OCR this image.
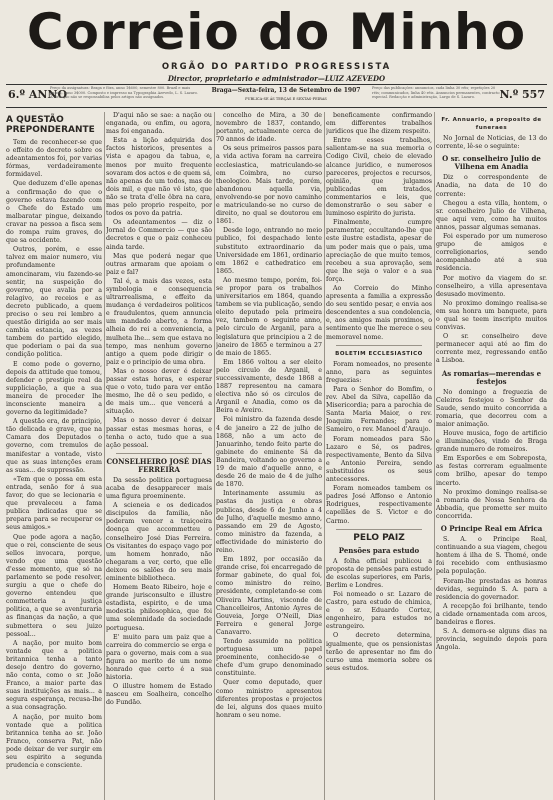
Correio do Minho
ORGÃO DO PARTIDO PROGRESSISTA
Director, proprietario e administrador—LUIZ AZEVEDO
6.º ANNO
Preço da assignatura: Braga e fóra, anno 1$600, semestre 800. Brazil e mais paizes, anno 3$000. Composto e impresso na Typographia Azevedo, L. S. Lazaro. A direcção não se responsabilisa pelos artigos não assignados.
Braga—Sexta-feira, 13 de Setembro de 1907
PUBLICA-SE ÁS TERÇAS E SEXTAS-FEIRAS
Preço das publicações: annuncios, cada linha 30 réis; repetições 20 réis; communicados, linha 40 réis. Annuncios permanentes, contracto especial. Redacção e administração, Largo de S. Lazaro.	N.º 557
A QUESTÃO PREPONDERANTE

Tem de reconhecer-se que o effeito do decreto sobre os adeantamentos foi, por varias fórmas, verdadeiramente formidavel.

Que deduzem d'elle apenas a confirmação do que o governo estava fazendo com o Chefe do Estado um malbaratar pingue, deixando cravar na pessoa a fisca sem do rompa ruim graves, do que sa occidente.

Outros, porém, e esse talvez em maior numero, viu profundamente amoncinaram, viu fazendo-se sentir, na suspeição do governo, que avalia por a relagivo, ao receios e as decreto publicado, a quem preciso o seu rei lembro a questão dirigida ao ser mais cambia estancia, as vezes tambem do partido elegido, que poderiam o pai da sua condição politica.

E como pode o governo, depois da attitude que tomou, defender o prestigio real da suppliciação, a que a sua maneira de proceder lhe inconsciente maneira a governo da legitimidade?

A questão era, de principio, tão delicada e grave, que na Camara dos Deputados o governo, com tremulos de manifestar a vontade, visto que as suas intenções eram as suas... de suppressão.

«Tem que o possa em esta entrada, senão for á sua favor, do que se lecionaria e que prevaleceu a fama publica indicadas que se prepara para se recuperar os seus amigos.»

Que pode agora a nação, que o rei, consciente de seus sellos invocara, porque, vendo que uma questão d'esse momento, que só na parlamento se pode resolver, surgiu a que o chefe do governo entendeu que commetteria a justiça politica, a que se aventuraria as finanças da nação, a que submettera o seu juizo pessoal...

A nação, por muito bom vontade que a politica britannica tenha a tanto desejo dentro do governo, não conta, como o sr. João Franco, a maior parte das suas instituições as mais... a segura esperança, recusa-lhe a sua consagração.

A nação, por muito bom vontade que a politica britannica tenha ao sr. João Franco, conserva Pat, não pode deixar de ver surgir em seu espirito a segunda prudencia e consciente.

D'aqui não se sae: a nação ou enganada, ou enfim, ou agora, mas foi enganada.

Esta a lição adquirida dos factos historicos, presentes a vista e apagou da tabua, e, menos por muito frequente sovaram dos actos e de quem sá, não apenas de um todos, mas de dois mil, e que não vê isto, que não se trata d'elle ôbra na cara, mas pelo proprio respeito, por todos os povo da patria.

Os adeantamentos — diz o Jornal do Commercio — que são decretos e que o paiz conheceu ainda tarde.

Mas que poderá negar que outras armaram que apoiam o paiz e fal?

Tal é, a mais das vezes, esta symbologia e consequencia ultrarrealisma, e effeito da mudança é verdadeiros politicos e fraudulentos, quem annuncia um mandado aberto, a forma alheia do rei a conveniencia, a mulheta lhe... sem que estava no tempo, mas nenhum governo antigo a quem pode dirigir o paiz e o principio de uma obra.

Mas o nosso dever é deixar passar estas horas, e esperar que o voto, tudo para ver então mesmo, lhe dê o seu pedido, e de mais um... que vencerá a situação.

Mas o nosso dever é deixar passar estas mesmas horas, e tenha o acto, tudo que a sua ação pessoal.

CONSELHEIRO JOSÉ DIAS FERREIRA

Da sessão politica portuguesa acaba de desapparecer mais uma figura proeminente.

A scieneia e os dedicados discipulos da familia, não poderam vencer a traiçoeira doença que accommetteu o conselheiro José Dias Ferreira. Os visitantes do espaço vago por um homem honrado, não chegaram a ver, certo, que elle deixou os salões do seu mais eminente bibliotheca.

Homem Beato Ribeiro, hoje e grande jurisconsulto e illustre estadista, espirito, e de uma modestia philosophica, que foi uma solemnidade da sociedade portuguesa.

E' muito para um paiz que a carreira do commercio se erga e para o governo, mais com a sua figura ao merito de um nome honrado que certo é a sua historia.

O illustre homem de Estado nasceu em Soalheira, concelho do Fundão.

concelho de Mira, a 30 de novembro de 1837, contando, portanto, actualmente cerca de 70 annos de idade.

Os seus primeiros passos para a vida activa foram na carreira ecclesiastica, matriculando-se em Coimbra, no curso theologico. Mais tarde, porém, abandonou aquella via, envolvendo-se por novo caminho e matriculando-se no curso de direito, no qual se doutorou em 1861.

Desde logo, entrando no meio publico, foi despachado lente substituto extraordinario da Universidade em 1861, ordinario em 1862 e cathedratico em 1865.

Ao mesmo tempo, porém, foi-se propor para os trabalhos universitarios em 1864, quando tambem se via publicação, sendo eleito deputado pela primeira vez, tambem o seguinte anno, pelo circulo de Arganil, para a legislatura que principiou a 2 de janeiro de 1865 e terminou a 27 de maio de 1865.

Em 1866 voltou a ser eleito pelo circulo de Arganil, e successivamente, desde 1868 a 1887 representou na camara electiva não só os circulos de Arganil e Anadia, como os da Beira e Aveiro.

Foi ministro da fazenda desde 4 de janeiro a 22 de julho de 1868, não a um acto de Januarinho, tendo feito parte do gabinete do eminente Sá da Bandeira, voltando ao governo a 19 de maio d'aquelle anno, e desde 26 de maio de 4 de julho de 1870.

Interinamente assumiu as pastas da justiça e obras publicas, desde 6 de Junho a 4 de Julho, d'aquelle mesmo anno, passando em 29 de Agosto, como ministro da fazenda, a effectividade do ministerio do reino.

Em 1892, por occasião da grande crise, foi encarregado de formar gabinete, do qual foi, como ministro do reino, presidente, completando-se com Oliveira Martins, visconde de Chancelleiros, Antonio Ayres de Gouveia, Jorge O'Neill, Dias Ferreira e general Jorge Canavarro.

Tendo assumido na politica portuguesa um papel proeminente, conhecido-se o chefe d'um grupo denominado constituinte.

Quer como deputado, quer como ministro apresentou diferentes propostas e projectos de lei, alguns dos quaes muito honram o seu nome.

beneficamente confirmando em differentes trabalhos juridicos que lhe dizem respeito.

Entre esses trabalhos, salientam-se na sua memoria o Codigo Civil, cheio de elevado alcance juridico, e numerosos pareceres, projectos e recursos, opinião, que julgamos publicadas em tratados, commentarios e leis, que demonstrarão o seu saber e luminoso espirito do jurista.

Finalmente, cumpre paramentar, occultando-lhe que este ilustre estadista, apesar de um poder mais que o pais, uma apreciação de que muito temos, recebeu a sua aprovação, sem que lhe seja o valor e a sua força.

Ao Correio do Minho apresenta a familia a expressão do seu sentido pesar, e envia aos descendentes a sua condolencia, e, aos amigos mais proximos, o sentimento que lhe merece o seu memoravel nome.

BOLETIM ECCLESIASTICO

Foram nomeados, no presente anno, para as seguintes freguezias:

Para o Senhor do Bomfim, o rev. Abel da Silva, capellão da Misericordia; para a parochia de Santa Maria Maior, o rev. Joaquim Fernandes; para o Sameiro, o rev. Manoel d'Araujo.

Foram nomeados para São Lazaro e Sé, os padres, respectivamente, Bento da Silva e Antonio Pereira, sendo substituidos os seus antecessores.

Foram nomeados tambem os padres José Affonso e Antonio Rodrigues, respectivamente capellães de S. Victor e do Carmo.

PELO PAIZ
Pensões para estudo

A folha official publicou a proposta de pensões para estudo de escolas superiores, em Paris, Berlim e Londres.

Foi nomeado o sr. Lazaro de Castro, para estudo de chimica, e o sr. Eduardo Cortez, engenheiro, para estudos no estrangeiro.

O decreto determina, igualmente, que os pensionistas terão de apresentar no fim do curso uma memoria sobre os seus estudos.

Fr. Annuario, a proposito de funeraes

No Jornal de Noticias, de 13 do corrente, lê-se o seguinte:

O sr. conselheiro Julio de Vilhena em Anadia

Diz o correspondente de Anadia, na data de 10 do corrente:

Chegou a esta villa, hontem, o sr. conselheiro Julio de Vilhena, que aqui vem, como ha muitos annos, passar algumas semanas.

Foi esperado por um numeroso grupo de amigos e correligionarios, sendo acompanhado até a sua residencia.

Por motivo da viagem do sr. conselheiro, a villa apresentava desusado movimento.

No proximo domingo realisa-se em sua honra um banquete, para o qual se teem inscripto muitos convivas.

O sr. conselheiro deve permanecer aqui até ao fim do corrente mez, regressando então a Lisboa.

As romarias—merendas e festejos

No domingo a freguezia de Celeiros festejou o Senhor da Saude, sendo muito concorrida a romaria, que decorreu com a maior animação.

Houve musica, fogo de artificio e illuminações, vindo de Braga grande numero de romeiros.

Em Esporões e em Sobreposta, as festas correram egualmente com brilho, apesar do tempo incerto.

No proximo domingo realisa-se a romaria de Nossa Senhora da Abbadia, que promette ser muito concorrida.

O Principe Real em Africa

S. A. o Principe Real, continuando a sua viagem, chegou hontem á ilha de S. Thomé, onde foi recebido com enthusiasmo pela população.

Foram-lhe prestadas as honras devidas, seguindo S. A. para a residencia do governador.

A recepção foi brilhante, tendo a cidade ornamentada com arcos, bandeiras e flores.

S. A. demora-se alguns dias na provincia, seguindo depois para Angola.
